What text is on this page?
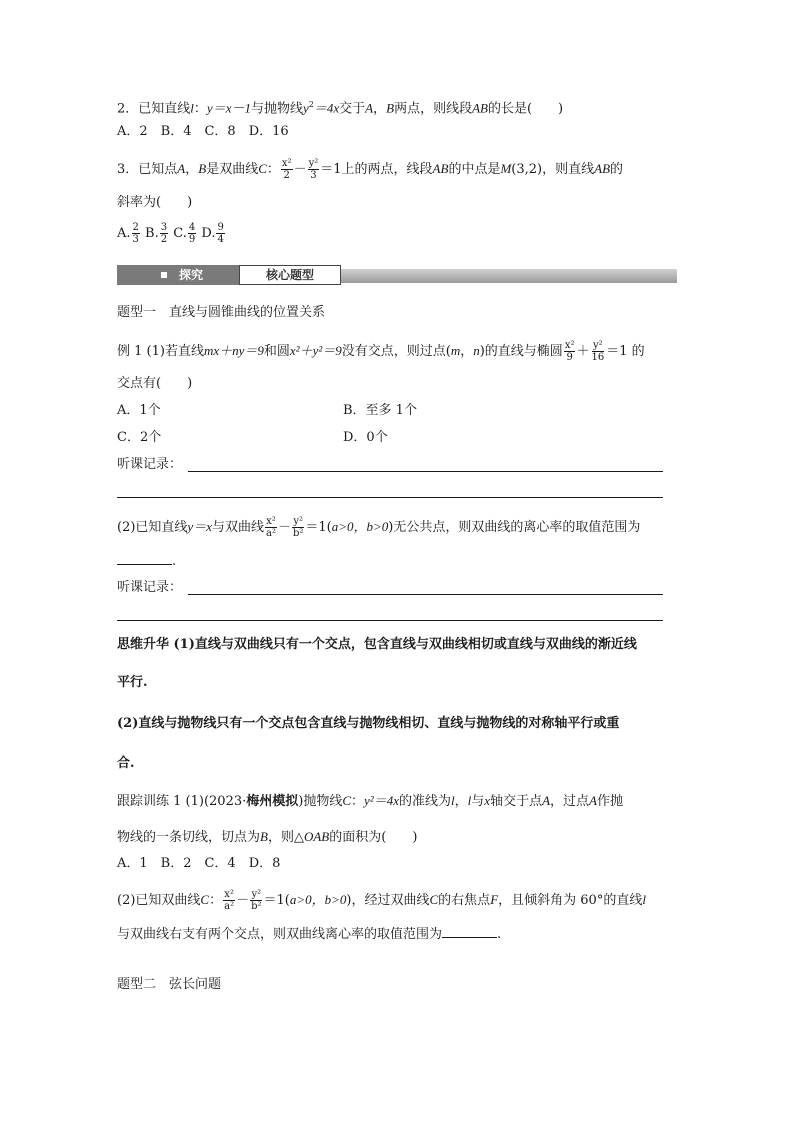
2．已知直线l：y＝x－1与抛物线$y^2=4x$交于A，B两点，则线段AB的长是(　　)
A．2　B．4　C．8　D．16
3．已知点A，B是双曲线C： $\frac{\text{x²}}{2} - \frac{\text{y²}}{3} =1$上的两点，线段AB的中点是M(3,2)，则直线AB的
斜率为(　　)
A. $\frac{2}{3} B$. $\frac{3}{2} C$. $\frac{4}{9} D$. $\frac{9}{4}$
探究	核心题型
题型一　直线与圆锥曲线的位置关系
例 1 (1)若直线mx＋ny＝9和圆x²＋y²＝9没有交点，则过点(m，n)的直线与椭圆 $\frac{\text{x²}}{9} + \frac{\text{y²}}{16} =1$ 的
交点有(　　)
A．1个	B．至多 1个
C．2个	D．0个
听课记录：
(2)已知直线y＝x与双曲线 $\frac{\text{x²}}{\text{a²}} - \frac{\text{y²}}{\text{b²}} =1(a>0$，b>0)无公共点，则双曲线的离心率的取值范围为
.
听课记录：
思维升华 (1)直线与双曲线只有一个交点，包含直线与双曲线相切或直线与双曲线的渐近线
平行.
(2)直线与抛物线只有一个交点包含直线与抛物线相切、直线与抛物线的对称轴平行或重
合.
跟踪训练 1 (1)(2023·梅州模拟)抛物线C：y²＝4x的准线为l，l与x轴交于点A，过点A作抛
物线的一条切线，切点为B，则△OAB的面积为(　　)
A．1　B．2　C．4　D．8
(2)已知双曲线C： $\frac{\text{x²}}{\text{a²}} - \frac{\text{y²}}{\text{b²}} =1(a>0$，b>0)，经过双曲线C的右焦点F，且倾斜角为 60°的直线l
与双曲线右支有两个交点，则双曲线离心率的取值范围为	.
题型二　弦长问题
